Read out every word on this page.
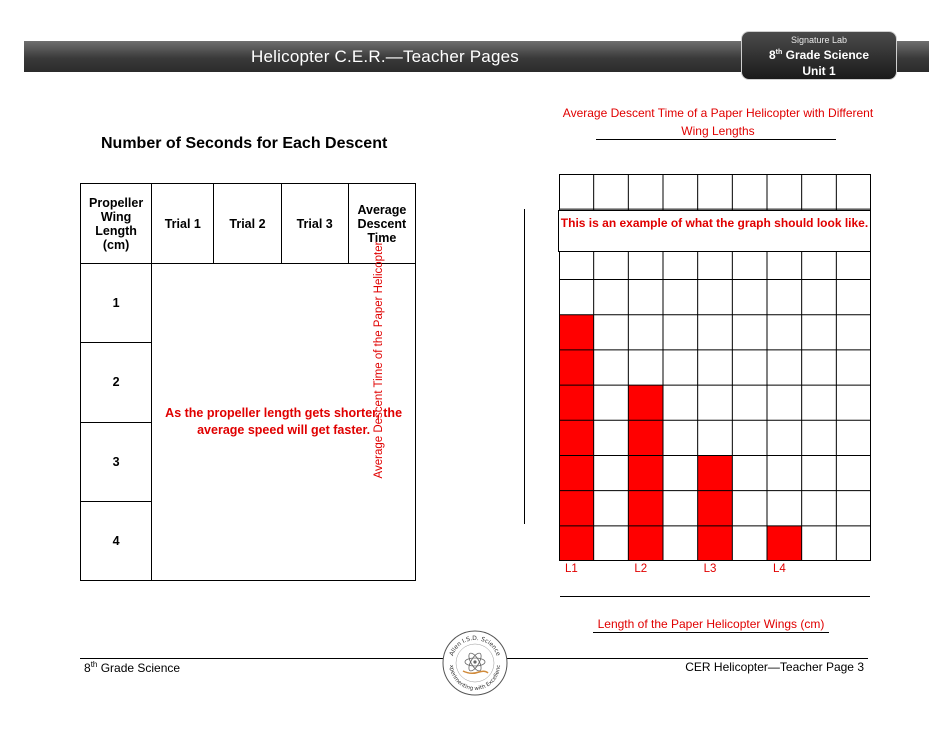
Helicopter C.E.R.—Teacher Pages
Signature Lab
8th Grade Science
Unit 1
Number of Seconds for Each Descent
Propeller Wing Length (cm)	Trial 1	Trial 2	Trial 3	Average Descent Time
1	As the propeller length gets shorter, the average speed will get faster.			
2				
3				
4				
Average Descent Time of a Paper Helicopter with Different Wing Lengths
Average Descent Time of the Paper Helicopter
This is an example of what the graph should look like.
L1	L2	L3	L4
Length of the Paper Helicopter Wings (cm)
8th Grade Science	CER Helicopter—Teacher Page 3
Allen I.S.D. Science
xperimenting with Excellenc
